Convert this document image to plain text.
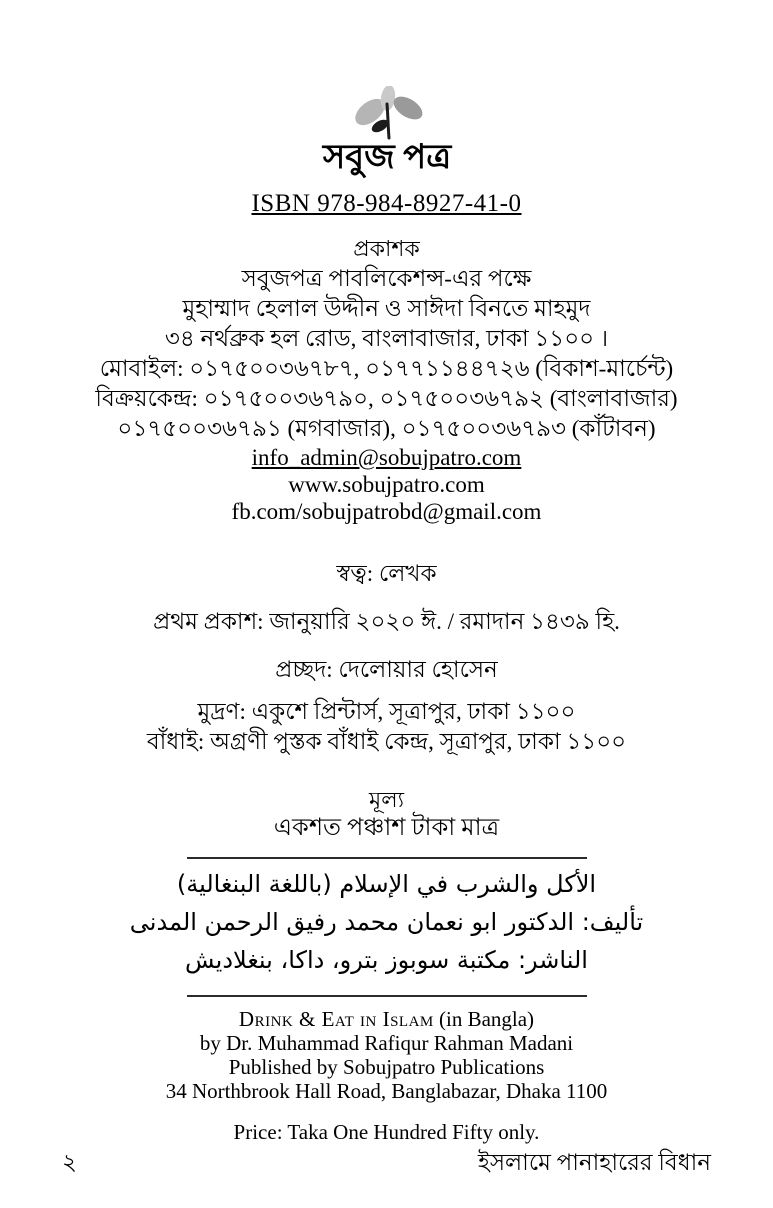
সবুজ পত্র
ISBN 978-984-8927-41-0
প্রকাশক
সবুজপত্র পাবলিকেশন্স-এর পক্ষে
মুহাম্মাদ হেলাল উদ্দীন ও সাঈদা বিনতে মাহমুদ
৩৪ নর্থব্রুক হল রোড, বাংলাবাজার, ঢাকা ১১০০ ।
মোবাইল: ০১৭৫০০৩৬৭৮৭, ০১৭৭১১৪৪৭২৬ (বিকাশ-মার্চেন্ট)
বিক্রয়কেন্দ্র: ০১৭৫০০৩৬৭৯০, ০১৭৫০০৩৬৭৯২ (বাংলাবাজার)
০১৭৫০০৩৬৭৯১ (মগবাজার), ০১৭৫০০৩৬৭৯৩ (কাঁটাবন)
info_admin@sobujpatro.com
www.sobujpatro.com
fb.com/sobujpatrobd@gmail.com
স্বত্ব: লেখক
প্রথম প্রকাশ: জানুয়ারি ২০২০ ঈ. / রমাদান ১৪৩৯ হি.
প্রচ্ছদ: দেলোয়ার হোসেন
মুদ্রণ: একুশে প্রিন্টার্স, সূত্রাপুর, ঢাকা ১১০০
বাঁধাই: অগ্রণী পুস্তক বাঁধাই কেন্দ্র, সূত্রাপুর, ঢাকা ১১০০
মূল্য
একশত পঞ্চাশ টাকা মাত্র
الأكل والشرب في الإسلام (باللغة البنغالية)
تأليف: الدكتور ابو نعمان محمد رفيق الرحمن المدنى
الناشر: مكتبة سوبوز بترو، داكا، بنغلاديش
Drink & Eat in Islam (in Bangla)
by Dr. Muhammad Rafiqur Rahman Madani
Published by Sobujpatro Publications
34 Northbrook Hall Road, Banglabazar, Dhaka 1100
Price: Taka One Hundred Fifty only.
২	ইসলামে পানাহারের বিধান
